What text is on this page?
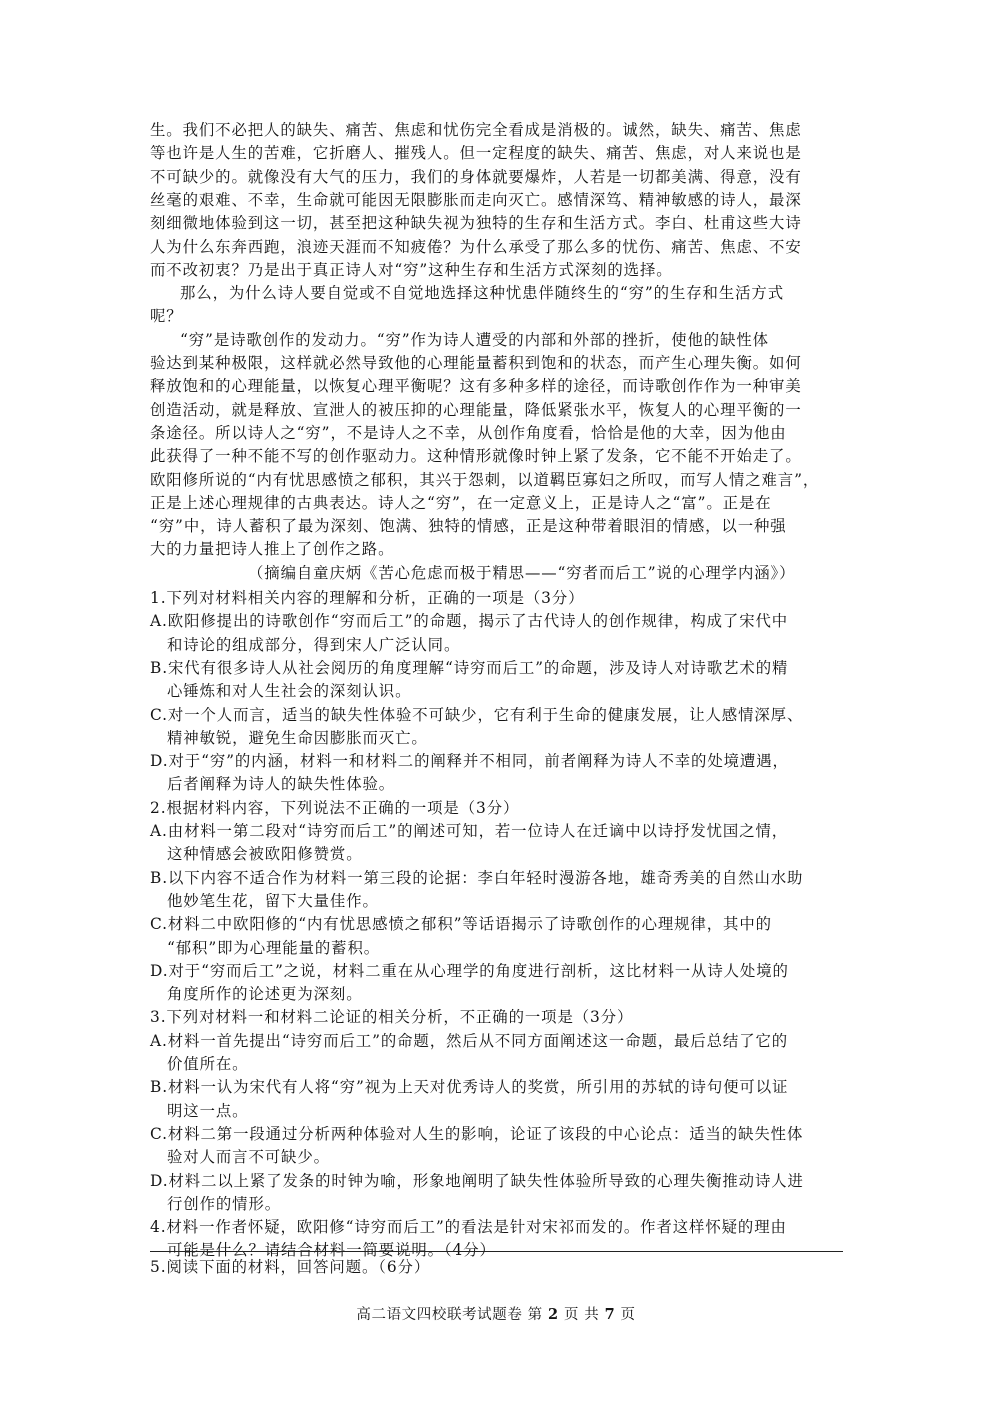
生。我们不必把人的缺失、痛苦、焦虑和忧伤完全看成是消极的。诚然，缺失、痛苦、焦虑
等也许是人生的苦难，它折磨人、摧残人。但一定程度的缺失、痛苦、焦虑，对人来说也是
不可缺少的。就像没有大气的压力，我们的身体就要爆炸，人若是一切都美满、得意，没有
丝毫的艰难、不幸，生命就可能因无限膨胀而走向灭亡。感情深笃、精神敏感的诗人，最深
刻细微地体验到这一切，甚至把这种缺失视为独特的生存和生活方式。李白、杜甫这些大诗
人为什么东奔西跑，浪迹天涯而不知疲倦？为什么承受了那么多的忧伤、痛苦、焦虑、不安
而不改初衷？乃是出于真正诗人对“穷”这种生存和生活方式深刻的选择。
那么，为什么诗人要自觉或不自觉地选择这种忧患伴随终生的“穷”的生存和生活方式
呢？
“穷”是诗歌创作的发动力。“穷”作为诗人遭受的内部和外部的挫折，使他的缺性体
验达到某种极限，这样就必然导致他的心理能量蓄积到饱和的状态，而产生心理失衡。如何
释放饱和的心理能量，以恢复心理平衡呢？这有多种多样的途径，而诗歌创作作为一种审美
创造活动，就是释放、宣泄人的被压抑的心理能量，降低紧张水平，恢复人的心理平衡的一
条途径。所以诗人之“穷”，不是诗人之不幸，从创作角度看，恰恰是他的大幸，因为他由
此获得了一种不能不写的创作驱动力。这种情形就像时钟上紧了发条，它不能不开始走了。
欧阳修所说的“内有忧思感愤之郁积，其兴于怨刺，以道羁臣寡妇之所叹，而写人情之难言”，
正是上述心理规律的古典表达。诗人之“穷”，在一定意义上，正是诗人之“富”。正是在
“穷”中，诗人蓄积了最为深刻、饱满、独特的情感，正是这种带着眼泪的情感，以一种强
大的力量把诗人推上了创作之路。
（摘编自童庆炳《苦心危虑而极于精思——“穷者而后工”说的心理学内涵》）
1.下列对材料相关内容的理解和分析，正确的一项是（3分）
A.欧阳修提出的诗歌创作“穷而后工”的命题，揭示了古代诗人的创作规律，构成了宋代中
和诗论的组成部分，得到宋人广泛认同。
B.宋代有很多诗人从社会阅历的角度理解“诗穷而后工”的命题，涉及诗人对诗歌艺术的精
心锤炼和对人生社会的深刻认识。
C.对一个人而言，适当的缺失性体验不可缺少，它有利于生命的健康发展，让人感情深厚、
精神敏锐，避免生命因膨胀而灭亡。
D.对于“穷”的内涵，材料一和材料二的阐释并不相同，前者阐释为诗人不幸的处境遭遇，
后者阐释为诗人的缺失性体验。
2.根据材料内容，下列说法不正确的一项是（3分）
A.由材料一第二段对“诗穷而后工”的阐述可知，若一位诗人在迁谪中以诗抒发忧国之情，
这种情感会被欧阳修赞赏。
B.以下内容不适合作为材料一第三段的论据：李白年轻时漫游各地，雄奇秀美的自然山水助
他妙笔生花，留下大量佳作。
C.材料二中欧阳修的“内有忧思感愤之郁积”等话语揭示了诗歌创作的心理规律，其中的
“郁积”即为心理能量的蓄积。
D.对于“穷而后工”之说，材料二重在从心理学的角度进行剖析，这比材料一从诗人处境的
角度所作的论述更为深刻。
3.下列对材料一和材料二论证的相关分析，不正确的一项是（3分）
A.材料一首先提出“诗穷而后工”的命题，然后从不同方面阐述这一命题，最后总结了它的
价值所在。
B.材料一认为宋代有人将“穷”视为上天对优秀诗人的奖赏，所引用的苏轼的诗句便可以证
明这一点。
C.材料二第一段通过分析两种体验对人生的影响，论证了该段的中心论点：适当的缺失性体
验对人而言不可缺少。
D.材料二以上紧了发条的时钟为喻，形象地阐明了缺失性体验所导致的心理失衡推动诗人进
行创作的情形。
4.材料一作者怀疑，欧阳修“诗穷而后工”的看法是针对宋祁而发的。作者这样怀疑的理由
可能是什么？请结合材料一简要说明。（4分）
5.阅读下面的材料，回答问题。（6分）
高二语文四校联考试题卷 第 2 页 共 7 页
